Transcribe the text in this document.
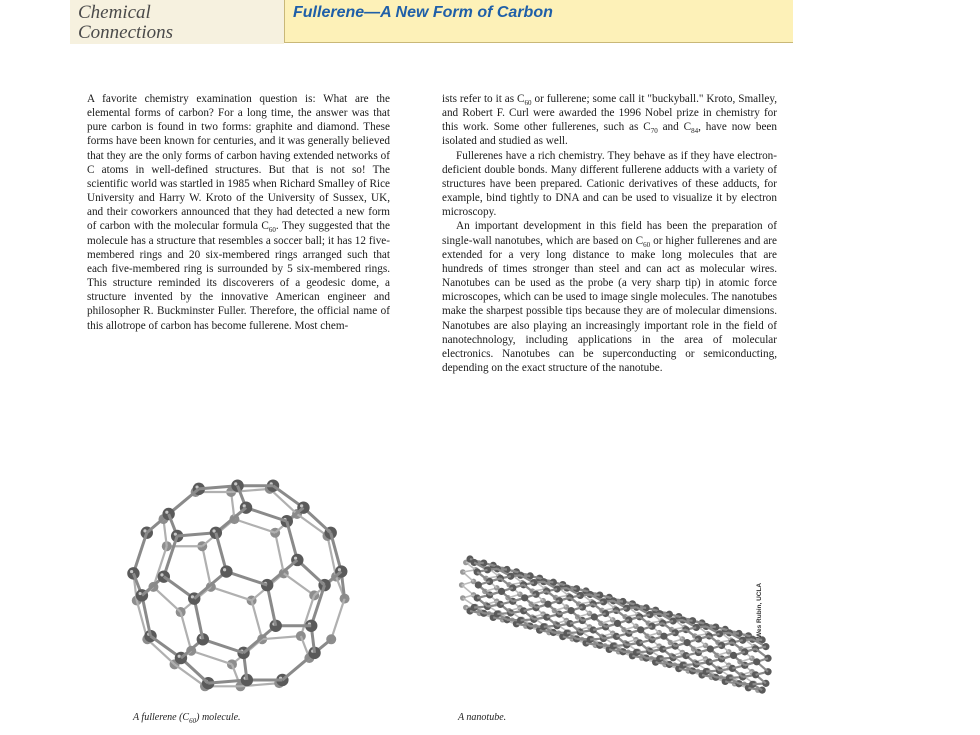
Chemical
Connections
Fullerene—A New Form of Carbon

A favorite chemistry examination question is: What are the elemental forms of carbon? For a long time, the answer was that pure carbon is found in two forms: graphite and diamond. These forms have been known for centuries, and it was generally believed that they are the only forms of carbon having extended networks of C atoms in well-defined structures. But that is not so! The scientific world was startled in 1985 when Richard Smalley of Rice University and Harry W. Kroto of the University of Sussex, UK, and their coworkers announced that they had detected a new form of carbon with the molecular formula $C_{60}$. They suggested that the molecule has a structure that resembles a soccer ball; it has 12 five-membered rings and 20 six-membered rings arranged such that each five-membered ring is surrounded by 5 six-membered rings. This structure reminded its discoverers of a geodesic dome, a structure invented by the innovative American engineer and philosopher R. Buckminster Fuller. Therefore, the official name of this allotrope of carbon has become fullerene. Most chem-

ists refer to it as $C_{60}$ or fullerene; some call it "buckyball." Kroto, Smalley, and Robert F. Curl were awarded the 1996 Nobel prize in chemistry for this work. Some other fullerenes, such as $C_{70}$ and $C_{84}$, have now been isolated and studied as well.

Fullerenes have a rich chemistry. They behave as if they have electron-deficient double bonds. Many different fullerene adducts with a variety of structures have been prepared. Cationic derivatives of these adducts, for example, bind tightly to DNA and can be used to visualize it by electron microscopy.

An important development in this field has been the preparation of single-wall nanotubes, which are based on $C_{60}$ or higher fullerenes and are extended for a very long distance to make long molecules that are hundreds of times stronger than steel and can act as molecular wires. Nanotubes can be used as the probe (a very sharp tip) in atomic force microscopes, which can be used to image single molecules. The nanotubes make the sharpest possible tips because they are of molecular dimensions. Nanotubes are also playing an increasingly important role in the field of nanotechnology, including applications in the area of molecular electronics. Nanotubes can be superconducting or semiconducting, depending on the exact structure of the nanotube.

A fullerene $(C_{60})$ molecule.	A nanotube.
Wes Rubin, UCLA
